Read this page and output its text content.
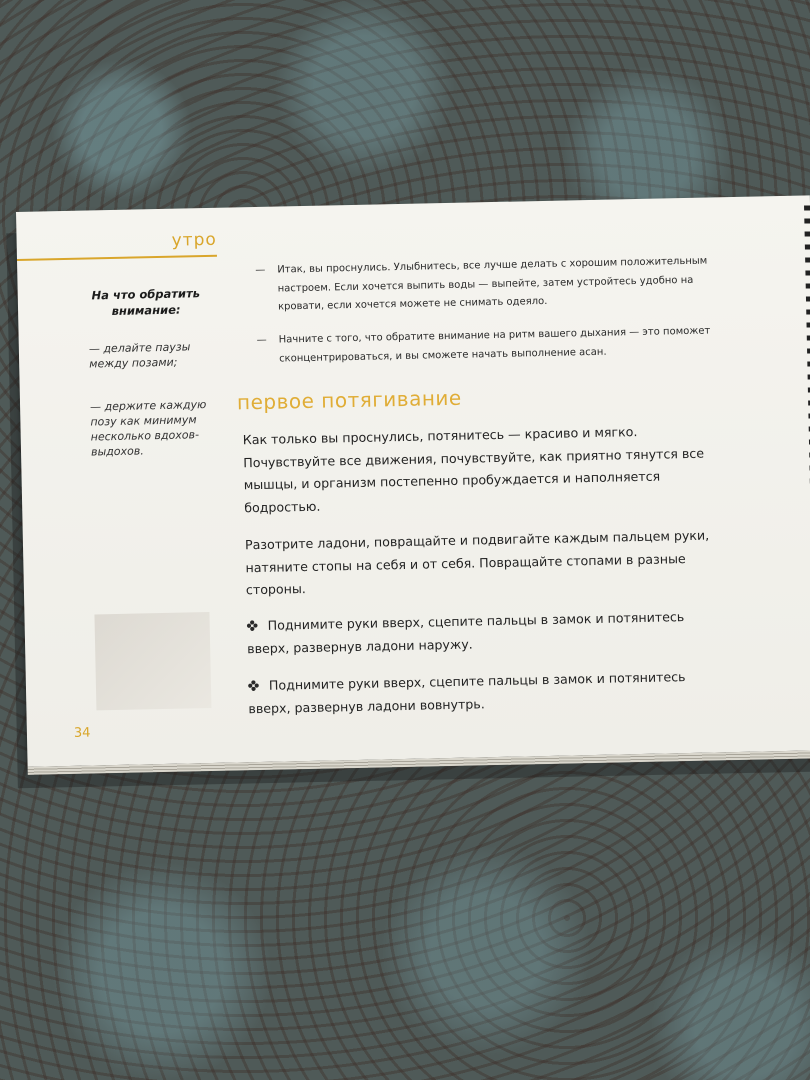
утро
На что обратить внимание:
— делайте паузы между позами;
— держите каждую позу как минимум несколько вдохов-выдохов.
— Итак, вы проснулись. Улыбнитесь, все лучше делать с хорошим положительным настроем. Если хочется выпить воды — выпейте, затем устройтесь удобно на кровати, если хочется можете не снимать одеяло.
— Начните с того, что обратите внимание на ритм вашего дыхания — это поможет сконцентрироваться, и вы сможете начать выполнение асан.
первое потягивание
Как только вы проснулись, потянитесь — красиво и мягко. Почувствуйте все движения, почувствуйте, как приятно тянутся все мышцы, и организм постепенно пробуждается и наполняется бодростью.
Разотрите ладони, повращайте и подвигайте каждым пальцем руки, натяните стопы на себя и от себя. Повращайте стопами в разные стороны.
Поднимите руки вверх, сцепите пальцы в замок и потянитесь вверх, развернув ладони наружу.
Поднимите руки вверх, сцепите пальцы в замок и потянитесь вверх, развернув ладони вовнутрь.
34
